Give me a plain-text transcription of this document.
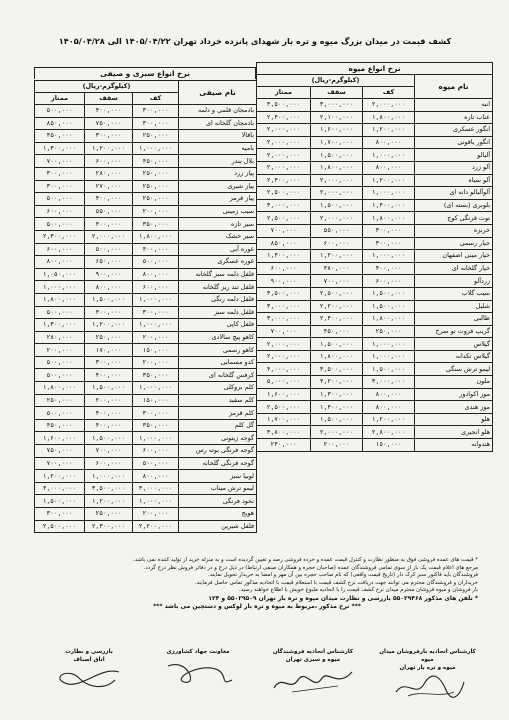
کشف قیمت در میدان بزرگ میوه و تره بار شهدای پانزده خرداد تهران ۱۴۰۵/۰۴/۲۲ الی ۱۴۰۵/۰۴/۲۸
نرخ انواع میوه			
نام میوه	(کیلوگرم-ریال)		
	کف	سقف	ممتاز
انبه	۲,۰۰۰,۰۰۰	۳,۰۰۰,۰۰۰	۳,۵۰۰,۰۰۰
عناب تازه	۱,۸۰۰,۰۰۰	۲,۱۰۰,۰۰۰	۲,۴۰۰,۰۰۰
انگور عسکری	۱,۲۰۰,۰۰۰	۱,۶۰۰,۰۰۰	۲,۰۰۰,۰۰۰
انگور یاقوتی	۸۰۰,۰۰۰	۱,۷۰۰,۰۰۰	۲,۰۰۰,۰۰۰
آلبالو	۱,۰۰۰,۰۰۰	۱,۵۰۰,۰۰۰	۲,۰۰۰,۰۰۰
آلو زرد	۸۰۰,۰۰۰	۱,۸۰۰,۰۰۰	۲,۰۰۰,۰۰۰
آلو سیاه	۱,۲۰۰,۰۰۰	۲,۰۰۰,۰۰۰	۲,۴۰۰,۰۰۰
آلوآلبالو دانه ای	۱,۰۰۰,۰۰۰	۲,۰۰۰,۰۰۰	۲,۵۰۰,۰۰۰
بلوبری (بسته ای)	۱,۴۰۰,۰۰۰	۱,۵۰۰,۰۰۰	۳,۰۰۰,۰۰۰
توت فرنگی کوچ	۱,۸۰۰,۰۰۰	۲,۰۰۰,۰۰۰	۲,۵۰۰,۰۰۰
خربزه	۳۰۰,۰۰۰	۵۵۰,۰۰۰	۷۰۰,۰۰۰
خیار رسمی	۳۰۰,۰۰۰	۶۰۰,۰۰۰	۸۵۰,۰۰۰
خیار مینی اصفهان	۱,۰۰۰,۰۰۰	۱,۲۰۰,۰۰۰	۱,۴۰۰,۰۰۰
خیار گلخانه ای	۴۰۰,۰۰۰	۴۸۰,۰۰۰	۶۰۰,۰۰۰
زردآلو	۶۰۰,۰۰۰	۷۰۰,۰۰۰	۹۰۰,۰۰۰
سیب گلاب	۱,۵۰۰,۰۰۰	۲,۵۰۰,۰۰۰	۳,۵۰۰,۰۰۰
شلیل	۱,۵۰۰,۰۰۰	۲,۲۰۰,۰۰۰	۳,۰۰۰,۰۰۰
طالبی	۱,۸۰۰,۰۰۰	۲,۴۰۰,۰۰۰	۳,۰۰۰,۰۰۰
گریپ فروت تو سرخ	۲۵۰,۰۰۰	۴۵۰,۰۰۰	۷۰۰,۰۰۰
گیلاس	۱,۰۰۰,۰۰۰	۱,۵۰۰,۰۰۰	۲,۰۰۰,۰۰۰
گیلاس تکدانه	۱,۰۰۰,۰۰۰	۱,۸۰۰,۰۰۰	۲,۰۰۰,۰۰۰
لیمو ترش سنگی	۱,۵۰۰,۰۰۰	۳,۵۰۰,۰۰۰	۴,۰۰۰,۰۰۰
ملون	۳,۰۰۰,۰۰۰	۴,۲۰۰,۰۰۰	۵,۰۰۰,۰۰۰
موز اکوادور	۸۰۰,۰۰۰	۱,۳۰۰,۰۰۰	۱,۶۰۰,۰۰۰
موز هندی	۸۰۰,۰۰۰	۱,۴۰۰,۰۰۰	۲,۵۰۰,۰۰۰
هلو	۱,۲۰۰,۰۰۰	۱,۵۰۰,۰۰۰	۱,۷۰۰,۰۰۰
هلو انجیری	۲,۸۰۰,۰۰۰	۲,۰۰۰,۰۰۰	۳,۸۰۰,۰۰۰
هندوانه	۱۵۰,۰۰۰	۲۰۰,۰۰۰	۲۴۰,۰۰۰
نام صیفی	(کیلوگرم-ریال)		
	کف	سقف	ممتاز
بادمجان قلمی و دلمه	۳۰۰,۰۰۰	۴۰۰,۰۰۰	۵۰۰,۰۰۰
بادمجان گلخانه ای	۳۰۰,۰۰۰	۷۵۰,۰۰۰	۸۵۰,۰۰۰
باقالا	۲۵۰,۰۰۰	۳۰۰,۰۰۰	۴۵۰,۰۰۰
بامیه	۱,۰۰۰,۰۰۰	۱,۲۰۰,۰۰۰	۱,۳۰۰,۰۰۰
بلال بندر	۴۵۰,۰۰۰	۶۰۰,۰۰۰	۷۰۰,۰۰۰
پیاز زرد	۲۵۰,۰۰۰	۲۸۰,۰۰۰	۳۰۰,۰۰۰
پیاز شیری	۲۵۰,۰۰۰	۲۷۰,۰۰۰	۳۰۰,۰۰۰
پیاز قرمز	۲۵۰,۰۰۰	۴۰۰,۰۰۰	۵۰۰,۰۰۰
سیب زمینی	۲۰۰,۰۰۰	۵۵۰,۰۰۰	۶۰۰,۰۰۰
سیر تازه	۳۵۰,۰۰۰	۴۰۰,۰۰۰	۵۰۰,۰۰۰
سیر خشک	۱,۸۰۰,۰۰۰	۲,۰۰۰,۰۰۰	۲,۳۰۰,۰۰۰
غوره آبی	۴۰۰,۰۰۰	۵۰۰,۰۰۰	۶۰۰,۰۰۰
غوره عسگری	۵۰۰,۰۰۰	۶۵۰,۰۰۰	۸۰۰,۰۰۰
فلفل دلمه سبز گلخانه	۸۰۰,۰۰۰	۹۰۰,۰۰۰	۱,۰۵۰,۰۰۰
فلفل تند ریز گلخانه	۶۰۰,۰۰۰	۸۰۰,۰۰۰	۱,۰۰۰,۰۰۰
فلفل دلمه رنگی	۱,۰۰۰,۰۰۰	۱,۵۰۰,۰۰۰	۱,۸۰۰,۰۰۰
فلفل دلمه سبز	۳۰۰,۰۰۰	۴۰۰,۰۰۰	۵۰۰,۰۰۰
فلفل کاپی	۱,۰۰۰,۰۰۰	۱,۲۰۰,۰۰۰	۱,۳۰۰,۰۰۰
کاهو پیچ سالادی	۲۰۰,۰۰۰	۲۵۰,۰۰۰	۲۸۰,۰۰۰
کاهو رسمی	۱۵۰,۰۰۰	۱۷۰,۰۰۰	۲۰۰,۰۰۰
کدو مسمایی	۲۰۰,۰۰۰	۳۰۰,۰۰۰	۵۰۰,۰۰۰
کرفس گلخانه ای	۳۵۰,۰۰۰	۴۰۰,۰۰۰	۵۰۰,۰۰۰
کلم بروکلی	۱,۰۰۰,۰۰۰	۱,۵۰۰,۰۰۰	۱,۸۰۰,۰۰۰
کلم سفید	۱۵۰,۰۰۰	۲۰۰,۰۰۰	۲۵۰,۰۰۰
کلم قرمز	۳۰۰,۰۰۰	۴۰۰,۰۰۰	۵۰۰,۰۰۰
گل کلم	۳۵۰,۰۰۰	۴۰۰,۰۰۰	۴۵۰,۰۰۰
گوجه زیتونی	۱,۰۰۰,۰۰۰	۱,۵۰۰,۰۰۰	۱,۶۰۰,۰۰۰
گوجه فرنگی بوته رس	۶۰۰,۰۰۰	۷۰۰,۰۰۰	۷۵۰,۰۰۰
گوجه فرنگی گلخانه	۵۰۰,۰۰۰	۶۰۰,۰۰۰	۷۰۰,۰۰۰
لوبیا سبز	۸۰۰,۰۰۰	۱,۰۰۰,۰۰۰	۱,۲۰۰,۰۰۰
لیمو ترش میناب	۳,۰۰۰,۰۰۰	۳,۵۰۰,۰۰۰	۴,۰۰۰,۰۰۰
نخود فرنگی	۱,۰۰۰,۰۰۰	۱,۲۰۰,۰۰۰	۱,۵۰۰,۰۰۰
هویج	۲۰۰,۰۰۰	۲۵۰,۰۰۰	۳۰۰,۰۰۰
فلفل شیرین	۲,۲۰۰,۰۰۰	۲,۳۰۰,۰۰۰	۲,۵۰۰,۰۰۰
نرخ انواع سبزی و صیفی

* قیمت های عمده فروشی فوق به منظور نظارت و کنترل قیمت عمده و خرده فروشی رصد و تعیین گردیده است و به منزله خرید از تولید کننده نمی باشد.

مرجع های اعلام قیمت یک بار از سوی تمامی فروشندگان عمده (صاحبان حجره و همکاران صنفی ارتباط) در ذیل درج و در دفاتر فروش نظر درج گردد.

فروشندگان باید فاکتور سبز کرک دار (تاریخ قیمت واقعی) که نام صاحب حجره بین آن مهر و امضا به خریدار تحویل نمایند.

خریداران و فروشندگان محترم می توانند جهت دریافت نرخ کشف قیمت با استعلام قیمت با اتحادیه مذکور تماس حاصل فرمایند.

بار فروشان و میوه فروشان محترم میدان نرخ کشف قیمت را با اتحادیه ملبوغ خویش با اطلاع خواهند رسید.

* تلفن های مذکور ۵۵۰۲۹۴۶۸ بازرسی و نظارت میدان میوه و تره بار تهران ۵۵۰۲۹۵۰۹ و ۱۲۴

*** نرخ مذکور ،مربوط به میوه و تره بار لوکس و دستچین می باشد ***

کارشناس اتحادیه بارفروشان میدان میوه
میوه و تره بار تهران
کارشناس اتحادیه فروشندگان
میوه و سبزی تهران
معاونت جهاد کشاورزی
بازرسی و نظارت
اتاق اصناف
